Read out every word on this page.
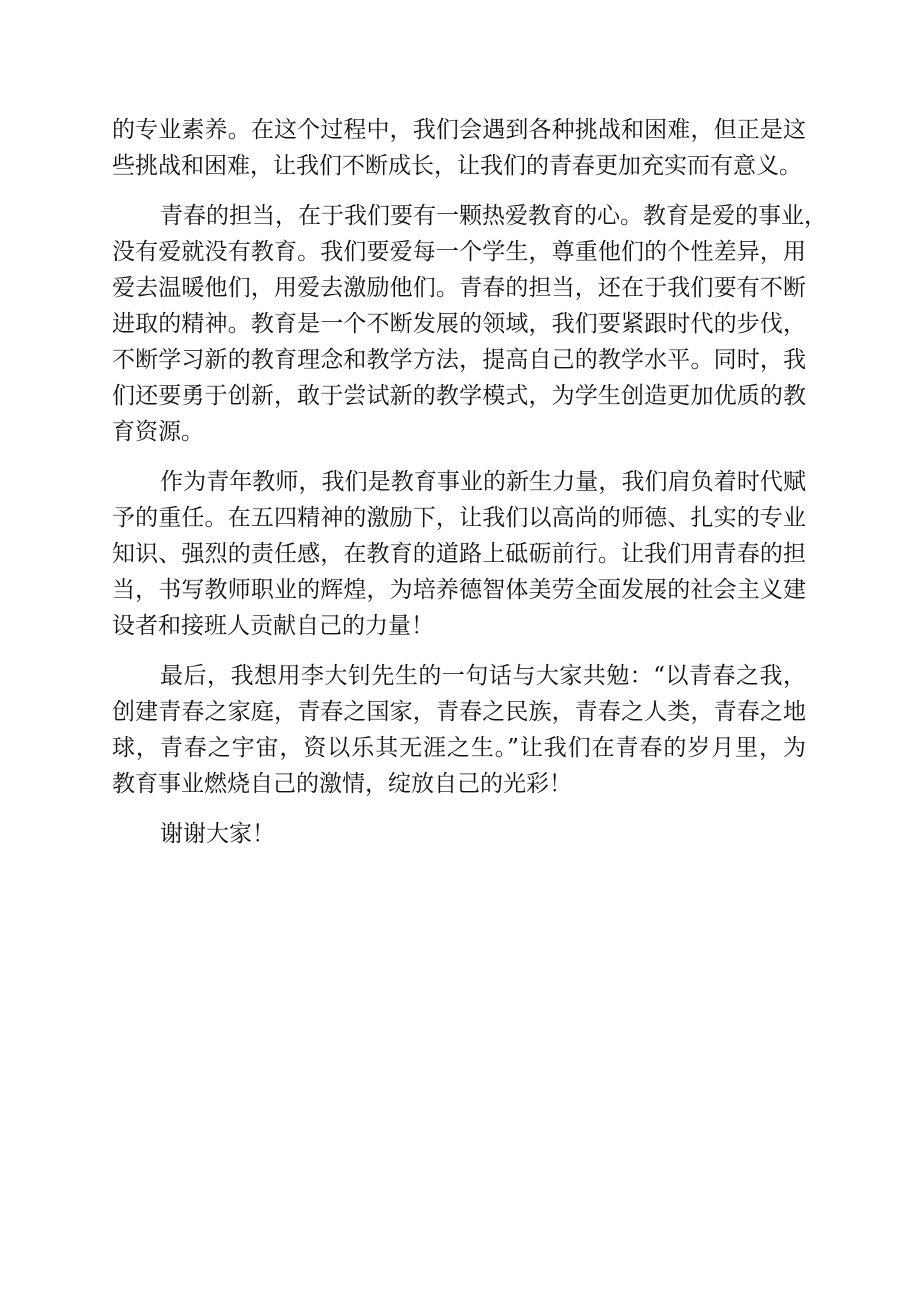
的专业素养。在这个过程中，我们会遇到各种挑战和困难，但正是这
些挑战和困难，让我们不断成长，让我们的青春更加充实而有意义。
青春的担当，在于我们要有一颗热爱教育的心。教育是爱的事业，
没有爱就没有教育。我们要爱每一个学生，尊重他们的个性差异，用
爱去温暖他们，用爱去激励他们。青春的担当，还在于我们要有不断
进取的精神。教育是一个不断发展的领域，我们要紧跟时代的步伐，
不断学习新的教育理念和教学方法，提高自己的教学水平。同时，我
们还要勇于创新，敢于尝试新的教学模式，为学生创造更加优质的教
育资源。
作为青年教师，我们是教育事业的新生力量，我们肩负着时代赋
予的重任。在五四精神的激励下，让我们以高尚的师德、扎实的专业
知识、强烈的责任感，在教育的道路上砥砺前行。让我们用青春的担
当，书写教师职业的辉煌，为培养德智体美劳全面发展的社会主义建
设者和接班人贡献自己的力量！
最后，我想用李大钊先生的一句话与大家共勉：“以青春之我，
创建青春之家庭，青春之国家，青春之民族，青春之人类，青春之地
球，青春之宇宙，资以乐其无涯之生。”让我们在青春的岁月里，为
教育事业燃烧自己的激情，绽放自己的光彩！
谢谢大家！
